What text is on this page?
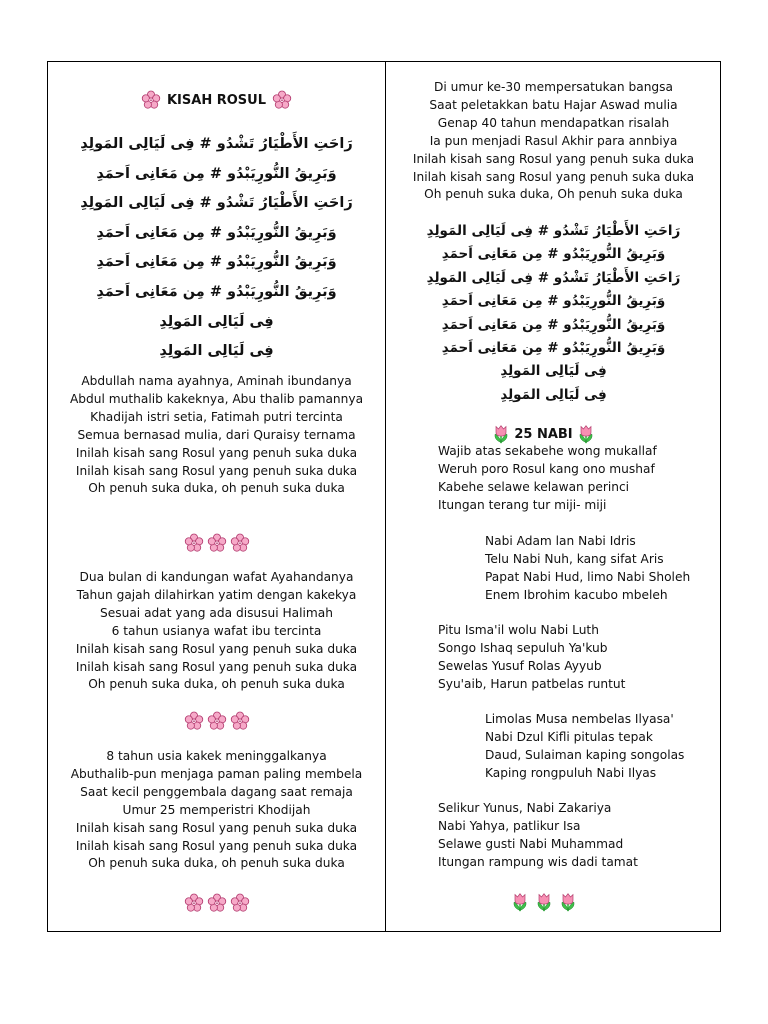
KISAH ROSUL
رَاحَتِ الأَطْيَارُ تَشْدُو # فِى لَيَالِى المَولِدِ
وَبَرِيقُ النُّورِيَبْدُو # مِن مَعَانِى اَحمَدِ
رَاحَتِ الأَطْيَارُ تَشْدُو # فِى لَيَالِى المَولِدِ
وَبَرِيقُ النُّورِيَبْدُو # مِن مَعَانِى اَحمَدِ
وَبَرِيقُ النُّورِيَبْدُو # مِن مَعَانِى اَحمَدِ
وَبَرِيقُ النُّورِيَبْدُو # مِن مَعَانِى اَحمَدِ
فِى لَيَالِى المَولِدِ
فِى لَيَالِى المَولِدِ
Abdullah nama ayahnya, Aminah ibundanya
Abdul muthalib kakeknya, Abu thalib pamannya
Khadijah istri setia, Fatimah putri tercinta
Semua bernasad mulia, dari Quraisy ternama
Inilah kisah sang Rosul yang penuh suka duka
Inilah kisah sang Rosul yang penuh suka duka
Oh penuh suka duka, oh penuh suka duka
Dua bulan di kandungan wafat Ayahandanya
Tahun gajah dilahirkan yatim dengan kakekya
Sesuai adat yang ada disusui Halimah
6 tahun usianya wafat ibu tercinta
Inilah kisah sang Rosul yang penuh suka duka
Inilah kisah sang Rosul yang penuh suka duka
Oh penuh suka duka, oh penuh suka duka
8 tahun usia kakek meninggalkanya
Abuthalib-pun menjaga paman paling membela
Saat kecil penggembala dagang saat remaja
Umur 25 memperistri Khodijah
Inilah kisah sang Rosul yang penuh suka duka
Inilah kisah sang Rosul yang penuh suka duka
Oh penuh suka duka, oh penuh suka duka
Di umur ke-30 mempersatukan bangsa
Saat peletakkan batu Hajar Aswad mulia
Genap 40 tahun mendapatkan risalah
Ia pun menjadi Rasul Akhir para annbiya
Inilah kisah sang Rosul yang penuh suka duka
Inilah kisah sang Rosul yang penuh suka duka
Oh penuh suka duka, Oh penuh suka duka
رَاحَتِ الأَطْيَارُ تَشْدُو # فِى لَيَالِى المَولِدِ
وَبَرِيقُ النُّورِيَبْدُو # مِن مَعَانِى اَحمَدِ
رَاحَتِ الأَطْيَارُ تَشْدُو # فِى لَيَالِى المَولِدِ
وَبَرِيقُ النُّورِيَبْدُو # مِن مَعَانِى اَحمَدِ
وَبَرِيقُ النُّورِيَبْدُو # مِن مَعَانِى اَحمَدِ
وَبَرِيقُ النُّورِيَبْدُو # مِن مَعَانِى اَحمَدِ
فِى لَيَالِى المَولِدِ
فِى لَيَالِى المَولِدِ
25 NABI
Wajib atas sekabehe wong mukallaf
Weruh poro Rosul kang ono mushaf
Kabehe selawe kelawan perinci
Itungan terang tur miji- miji
Nabi Adam lan Nabi Idris
Telu Nabi Nuh, kang sifat Aris
Papat Nabi Hud, limo Nabi Sholeh
Enem Ibrohim kacubo mbeleh
Pitu Isma'il wolu Nabi Luth
Songo Ishaq sepuluh Ya'kub
Sewelas Yusuf Rolas Ayyub
Syu'aib, Harun patbelas runtut
Limolas Musa nembelas Ilyasa'
Nabi Dzul Kifli pitulas tepak
Daud, Sulaiman kaping songolas
Kaping rongpuluh Nabi Ilyas
Selikur Yunus, Nabi Zakariya
Nabi Yahya, patlikur Isa
Selawe gusti Nabi Muhammad
Itungan rampung wis dadi tamat
